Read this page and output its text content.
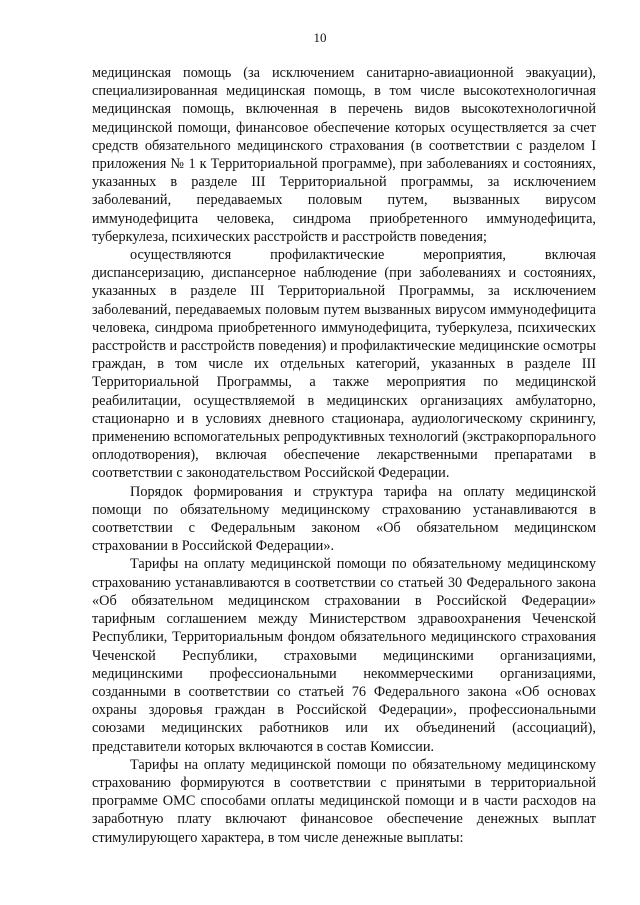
10

медицинская помощь (за исключением санитарно-авиационной эвакуации), специализированная медицинская помощь, в том числе высокотехнологичная медицинская помощь, включенная в перечень видов высокотехнологичной медицинской помощи, финансовое обеспечение которых осуществляется за счет средств обязательного медицинского страхования (в соответствии с разделом I приложения № 1 к Территориальной программе), при заболеваниях и состояниях, указанных в разделе III Территориальной программы, за исключением заболеваний, передаваемых половым путем, вызванных вирусом иммунодефицита человека, синдрома приобретенного иммунодефицита, туберкулеза, психических расстройств и расстройств поведения;

осуществляются профилактические мероприятия, включая диспансеризацию, диспансерное наблюдение (при заболеваниях и состояниях, указанных в разделе III Территориальной Программы, за исключением заболеваний, передаваемых половым путем вызванных вирусом иммунодефицита человека, синдрома приобретенного иммунодефицита, туберкулеза, психических расстройств и расстройств поведения) и профилактические медицинские осмотры граждан, в том числе их отдельных категорий, указанных в разделе III Территориальной Программы, а также мероприятия по медицинской реабилитации, осуществляемой в медицинских организациях амбулаторно, стационарно и в условиях дневного стационара, аудиологическому скринингу, применению вспомогательных репродуктивных технологий (экстракорпорального оплодотворения), включая обеспечение лекарственными препаратами в соответствии с законодательством Российской Федерации.

Порядок формирования и структура тарифа на оплату медицинской помощи по обязательному медицинскому страхованию устанавливаются в соответствии с Федеральным законом «Об обязательном медицинском страховании в Российской Федерации».

Тарифы на оплату медицинской помощи по обязательному медицинскому страхованию устанавливаются в соответствии со статьей 30 Федерального закона «Об обязательном медицинском страховании в Российской Федерации» тарифным соглашением между Министерством здравоохранения Чеченской Республики, Территориальным фондом обязательного медицинского страхования Чеченской Республики, страховыми медицинскими организациями, медицинскими профессиональными некоммерческими организациями, созданными в соответствии со статьей 76 Федерального закона «Об основах охраны здоровья граждан в Российской Федерации», профессиональными союзами медицинских работников или их объединений (ассоциаций), представители которых включаются в состав Комиссии.

Тарифы на оплату медицинской помощи по обязательному медицинскому страхованию формируются в соответствии с принятыми в территориальной программе ОМС способами оплаты медицинской помощи и в части расходов на заработную плату включают финансовое обеспечение денежных выплат стимулирующего характера, в том числе денежные выплаты:
